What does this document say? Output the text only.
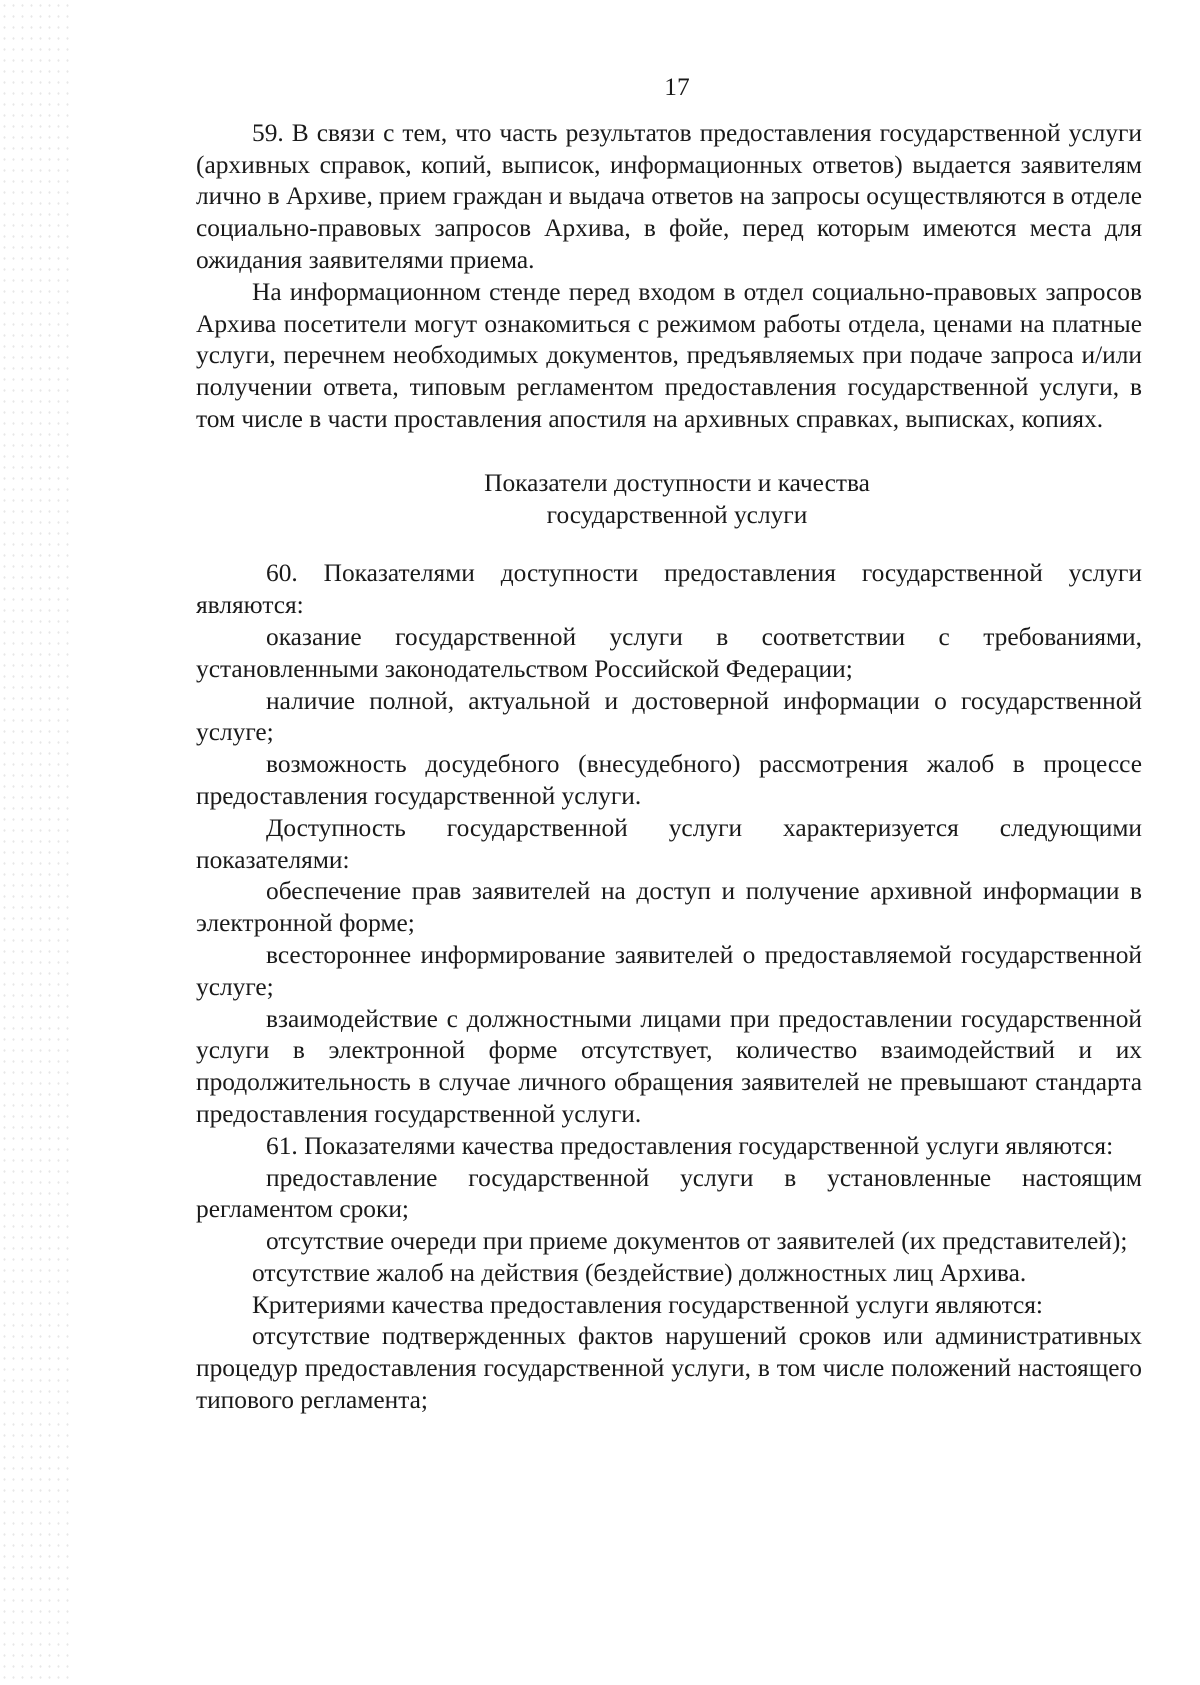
17

59. В связи с тем, что часть результатов предоставления государственной услуги (архивных справок, копий, выписок, информационных ответов) выдается заявителям лично в Архиве, прием граждан и выдача ответов на запросы осуществляются в отделе социально-правовых запросов Архива, в фойе, перед которым имеются места для ожидания заявителями приема.

На информационном стенде перед входом в отдел социально-правовых запросов Архива посетители могут ознакомиться с режимом работы отдела, ценами на платные услуги, перечнем необходимых документов, предъявляемых при подаче запроса и/или получении ответа, типовым регламентом предоставления государственной услуги, в том числе в части проставления апостиля на архивных справках, выписках, копиях.

Показатели доступности и качества

государственной услуги

60. Показателями доступности предоставления государственной услуги являются:

оказание государственной услуги в соответствии с требованиями, установленными законодательством Российской Федерации;

наличие полной, актуальной и достоверной информации о государственной услуге;

возможность досудебного (внесудебного) рассмотрения жалоб в процессе предоставления государственной услуги.

Доступность государственной услуги характеризуется следующими показателями:

обеспечение прав заявителей на доступ и получение архивной информации в электронной форме;

всестороннее информирование заявителей о предоставляемой государственной услуге;

взаимодействие с должностными лицами при предоставлении государственной услуги в электронной форме отсутствует, количество взаимодействий и их продолжительность в случае личного обращения заявителей не превышают стандарта предоставления государственной услуги.

61. Показателями качества предоставления государственной услуги являются:

предоставление государственной услуги в установленные настоящим регламентом сроки;

отсутствие очереди при приеме документов от заявителей (их представителей);

отсутствие жалоб на действия (бездействие) должностных лиц Архива.

Критериями качества предоставления государственной услуги являются:

отсутствие подтвержденных фактов нарушений сроков или административных процедур предоставления государственной услуги, в том числе положений настоящего типового регламента;
